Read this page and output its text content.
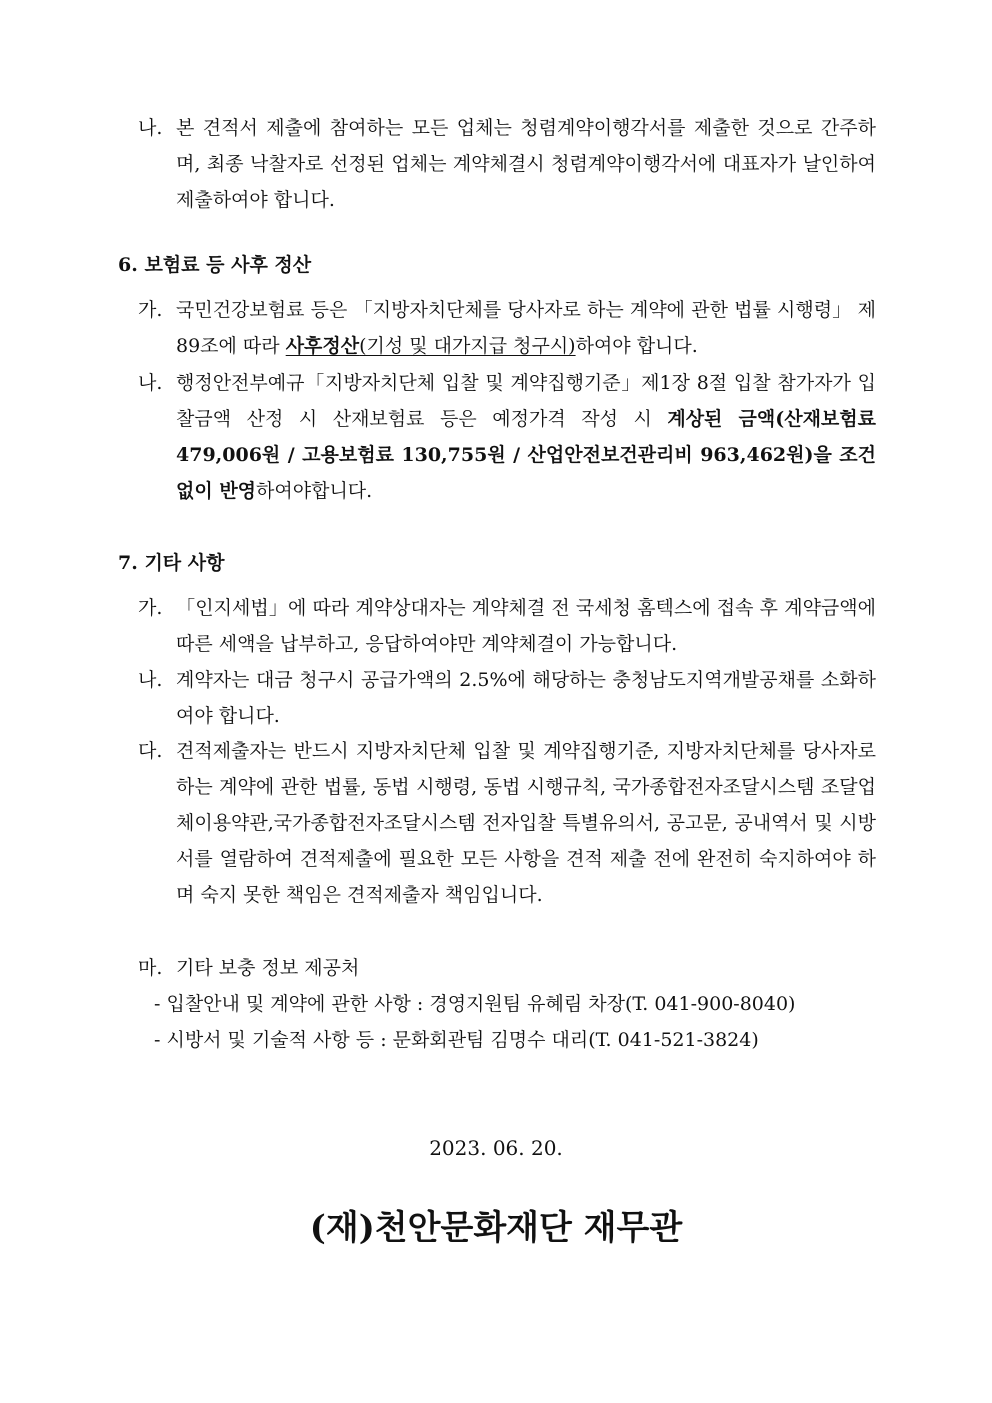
나. 본 견적서 제출에 참여하는 모든 업체는 청렴계약이행각서를 제출한 것으로 간주하며, 최종 낙찰자로 선정된 업체는 계약체결시 청렴계약이행각서에 대표자가 날인하여 제출하여야 합니다.
6. 보험료 등 사후 정산
가. 국민건강보험료 등은 「지방자치단체를 당사자로 하는 계약에 관한 법률 시행령」 제89조에 따라 사후정산(기성 및 대가지급 청구시)하여야 합니다.
나. 행정안전부예규「지방자치단체 입찰 및 계약집행기준」제1장 8절 입찰 참가자가 입찰금액 산정 시 산재보험료 등은 예정가격 작성 시 계상된 금액(산재보험료 479,006원 / 고용보험료 130,755원 / 산업안전보건관리비 963,462원)을 조건 없이 반영하여야합니다.
7. 기타 사항
가. 「인지세법」에 따라 계약상대자는 계약체결 전 국세청 홈텍스에 접속 후 계약금액에 따른 세액을 납부하고, 응답하여야만 계약체결이 가능합니다.
나. 계약자는 대금 청구시 공급가액의 2.5%에 해당하는 충청남도지역개발공채를 소화하여야 합니다.
다. 견적제출자는 반드시 지방자치단체 입찰 및 계약집행기준, 지방자치단체를 당사자로 하는 계약에 관한 법률, 동법 시행령, 동법 시행규칙, 국가종합전자조달시스템 조달업체이용약관,국가종합전자조달시스템 전자입찰 특별유의서, 공고문, 공내역서 및 시방서를 열람하여 견적제출에 필요한 모든 사항을 견적 제출 전에 완전히 숙지하여야 하며 숙지 못한 책임은 견적제출자 책임입니다.
마. 기타 보충 정보 제공처
- 입찰안내 및 계약에 관한 사항 : 경영지원팀 유혜림 차장(T. 041-900-8040)
- 시방서 및 기술적 사항 등 : 문화회관팀 김명수 대리(T. 041-521-3824)
2023. 06. 20.
(재)천안문화재단 재무관
